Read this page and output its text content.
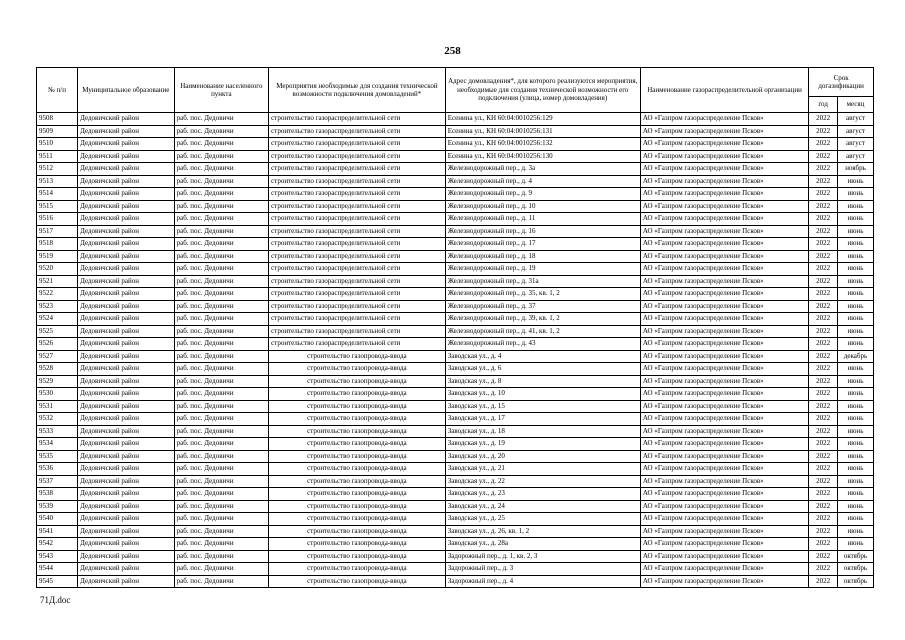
258
№ п/п	Муниципальное образование	Наименование населенного пункта	Мероприятия необходимые для создания технической возможности подключения домовладений*	Адрес домовладения*, для которого реализуются мероприятия, необходимые для создания технической возможности его подключения (улица, номер домовладения)	Наименование газораспределительной организации	Срок догазификации	
						год	месяц
9508	Дедовичский район	раб. пос. Дедовичи	строительство газораспределительной сети	Есенина ул., КН 60:04:0010256:129	АО «Газпром газораспределение Псков»	2022	август
9509	Дедовичский район	раб. пос. Дедовичи	строительство газораспределительной сети	Есенина ул., КН 60:04:0010256:131	АО «Газпром газораспределение Псков»	2022	август
9510	Дедовичский район	раб. пос. Дедовичи	строительство газораспределительной сети	Есенина ул., КН 60:04:0010256:132	АО «Газпром газораспределение Псков»	2022	август
9511	Дедовичский район	раб. пос. Дедовичи	строительство газораспределительной сети	Есенина ул., КН 60:04:0010256:130	АО «Газпром газораспределение Псков»	2022	август
9512	Дедовичский район	раб. пос. Дедовичи	строительство газораспределительной сети	Железнодорожный пер., д. 3а	АО «Газпром газораспределение Псков»	2022	ноябрь
9513	Дедовичский район	раб. пос. Дедовичи	строительство газораспределительной сети	Железнодорожный пер., д. 4	АО «Газпром газораспределение Псков»	2022	июнь
9514	Дедовичский район	раб. пос. Дедовичи	строительство газораспределительной сети	Железнодорожный пер., д. 9	АО «Газпром газораспределение Псков»	2022	июнь
9515	Дедовичский район	раб. пос. Дедовичи	строительство газораспределительной сети	Железнодорожный пер., д. 10	АО «Газпром газораспределение Псков»	2022	июнь
9516	Дедовичский район	раб. пос. Дедовичи	строительство газораспределительной сети	Железнодорожный пер., д. 11	АО «Газпром газораспределение Псков»	2022	июнь
9517	Дедовичский район	раб. пос. Дедовичи	строительство газораспределительной сети	Железнодорожный пер., д. 16	АО «Газпром газораспределение Псков»	2022	июнь
9518	Дедовичский район	раб. пос. Дедовичи	строительство газораспределительной сети	Железнодорожный пер., д. 17	АО «Газпром газораспределение Псков»	2022	июнь
9519	Дедовичский район	раб. пос. Дедовичи	строительство газораспределительной сети	Железнодорожный пер., д. 18	АО «Газпром газораспределение Псков»	2022	июнь
9520	Дедовичский район	раб. пос. Дедовичи	строительство газораспределительной сети	Железнодорожный пер., д. 19	АО «Газпром газораспределение Псков»	2022	июнь
9521	Дедовичский район	раб. пос. Дедовичи	строительство газораспределительной сети	Железнодорожный пер., д. 31а	АО «Газпром газораспределение Псков»	2022	июнь
9522	Дедовичский район	раб. пос. Дедовичи	строительство газораспределительной сети	Железнодорожный пер., д. 35, кв. 1, 2	АО «Газпром газораспределение Псков»	2022	июнь
9523	Дедовичский район	раб. пос. Дедовичи	строительство газораспределительной сети	Железнодорожный пер., д. 37	АО «Газпром газораспределение Псков»	2022	июнь
9524	Дедовичский район	раб. пос. Дедовичи	строительство газораспределительной сети	Железнодорожный пер., д. 39, кв. 1, 2	АО «Газпром газораспределение Псков»	2022	июнь
9525	Дедовичский район	раб. пос. Дедовичи	строительство газораспределительной сети	Железнодорожный пер., д. 41, кв. 1, 2	АО «Газпром газораспределение Псков»	2022	июнь
9526	Дедовичский район	раб. пос. Дедовичи	строительство газораспределительной сети	Железнодорожный пер., д. 43	АО «Газпром газораспределение Псков»	2022	июнь
9527	Дедовичский район	раб. пос. Дедовичи	строительство газопровода-ввода	Заводская ул., д. 4	АО «Газпром газораспределение Псков»	2022	декабрь
9528	Дедовичский район	раб. пос. Дедовичи	строительство газопровода-ввода	Заводская ул., д. 6	АО «Газпром газораспределение Псков»	2022	июнь
9529	Дедовичский район	раб. пос. Дедовичи	строительство газопровода-ввода	Заводская ул., д. 8	АО «Газпром газораспределение Псков»	2022	июнь
9530	Дедовичский район	раб. пос. Дедовичи	строительство газопровода-ввода	Заводская ул., д. 10	АО «Газпром газораспределение Псков»	2022	июнь
9531	Дедовичский район	раб. пос. Дедовичи	строительство газопровода-ввода	Заводская ул., д. 15	АО «Газпром газораспределение Псков»	2022	июнь
9532	Дедовичский район	раб. пос. Дедовичи	строительство газопровода-ввода	Заводская ул., д. 17	АО «Газпром газораспределение Псков»	2022	июнь
9533	Дедовичский район	раб. пос. Дедовичи	строительство газопровода-ввода	Заводская ул., д. 18	АО «Газпром газораспределение Псков»	2022	июнь
9534	Дедовичский район	раб. пос. Дедовичи	строительство газопровода-ввода	Заводская ул., д. 19	АО «Газпром газораспределение Псков»	2022	июнь
9535	Дедовичский район	раб. пос. Дедовичи	строительство газопровода-ввода	Заводская ул., д. 20	АО «Газпром газораспределение Псков»	2022	июнь
9536	Дедовичский район	раб. пос. Дедовичи	строительство газопровода-ввода	Заводская ул., д. 21	АО «Газпром газораспределение Псков»	2022	июнь
9537	Дедовичский район	раб. пос. Дедовичи	строительство газопровода-ввода	Заводская ул., д. 22	АО «Газпром газораспределение Псков»	2022	июнь
9538	Дедовичский район	раб. пос. Дедовичи	строительство газопровода-ввода	Заводская ул., д. 23	АО «Газпром газораспределение Псков»	2022	июнь
9539	Дедовичский район	раб. пос. Дедовичи	строительство газопровода-ввода	Заводская ул., д. 24	АО «Газпром газораспределение Псков»	2022	июнь
9540	Дедовичский район	раб. пос. Дедовичи	строительство газопровода-ввода	Заводская ул., д. 25	АО «Газпром газораспределение Псков»	2022	июнь
9541	Дедовичский район	раб. пос. Дедовичи	строительство газопровода-ввода	Заводская ул., д. 26, кв. 1, 2	АО «Газпром газораспределение Псков»	2022	июнь
9542	Дедовичский район	раб. пос. Дедовичи	строительство газопровода-ввода	Заводская ул., д. 28а	АО «Газпром газораспределение Псков»	2022	июнь
9543	Дедовичский район	раб. пос. Дедовичи	строительство газопровода-ввода	Задорожный пер., д. 1, кв. 2, 3	АО «Газпром газораспределение Псков»	2022	октябрь
9544	Дедовичский район	раб. пос. Дедовичи	строительство газопровода-ввода	Задорожный пер., д. 3	АО «Газпром газораспределение Псков»	2022	октябрь
9545	Дедовичский район	раб. пос. Дедовичи	строительство газопровода-ввода	Задорожный пер., д. 4	АО «Газпром газораспределение Псков»	2022	октябрь
71Д.doc
